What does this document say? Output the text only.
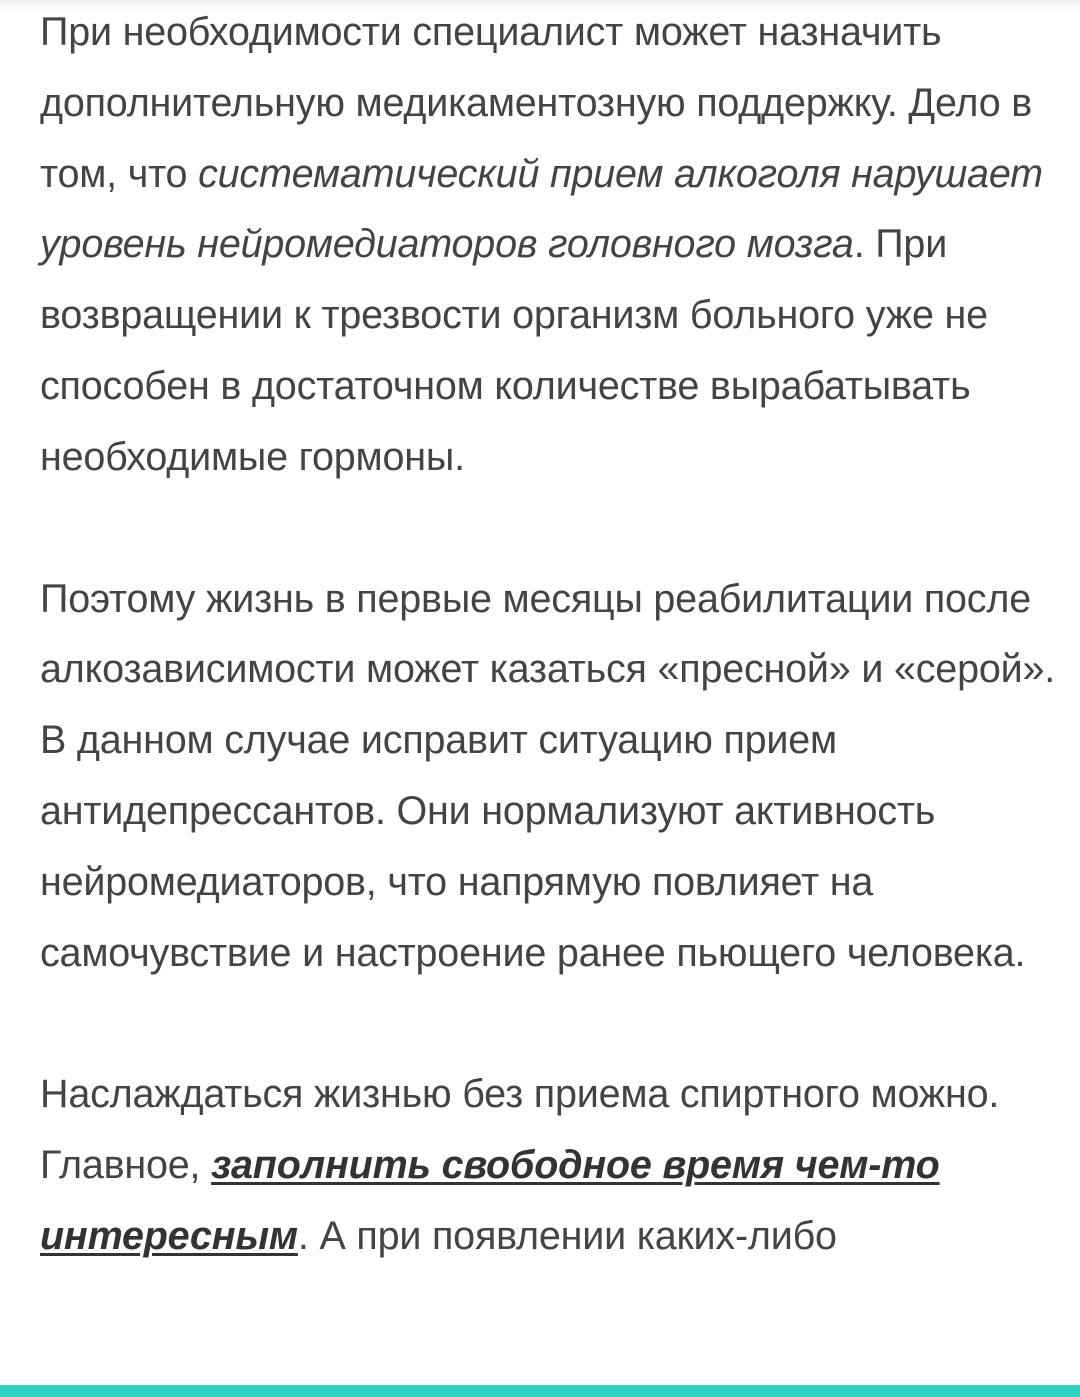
При необходимости специалист может назначить дополнительную медикаментозную поддержку. Дело в том, что систематический прием алкоголя нарушает уровень нейромедиаторов головного мозга. При возвращении к трезвости организм больного уже не способен в достаточном количестве вырабатывать необходимые гормоны.

Поэтому жизнь в первые месяцы реабилитации после алкозависимости может казаться «пресной» и «серой». В данном случае исправит ситуацию прием антидепрессантов. Они нормализуют активность нейромедиаторов, что напрямую повлияет на самочувствие и настроение ранее пьющего человека.

Наслаждаться жизнью без приема спиртного можно. Главное, заполнить свободное время чем-то интересным. А при появлении каких-либо
